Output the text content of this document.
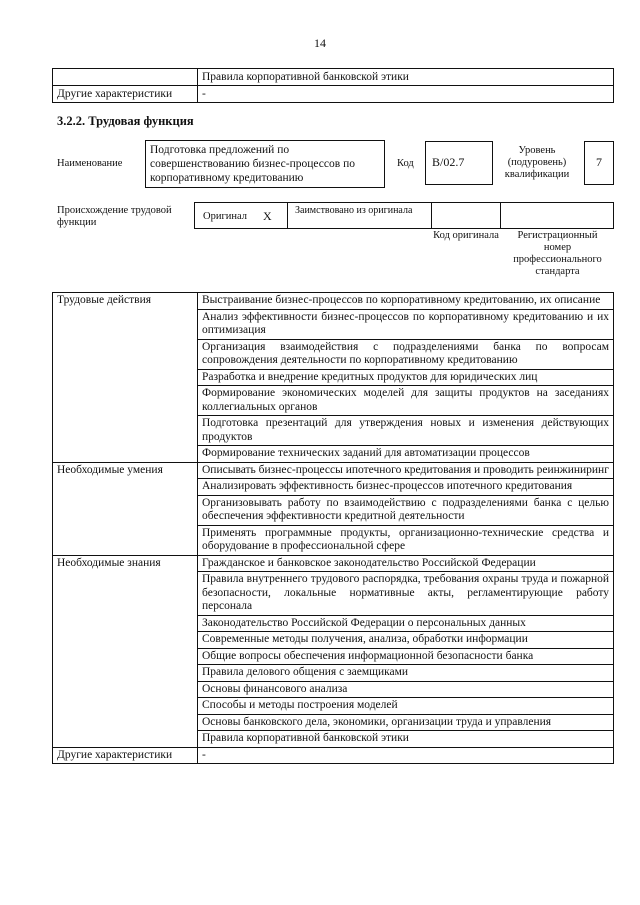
14
	Правила корпоративной банковской этики
Другие характеристики	-
3.2.2. Трудовая функция
Наименование
Подготовка предложений по совершенствованию бизнес-процессов по корпоративному кредитованию
Код	B/02.7
Уровень (подуровень) квалификации
7
Происхождение трудовой функции
Оригинал X Заимствовано из оригинала
Код оригинала	Регистрационный номер профессионального стандарта
Трудовые действия	Выстраивание бизнес-процессов по корпоративному кредитованию, их описание
	Анализ эффективности бизнес-процессов по корпоративному кредитованию и их оптимизация
	Организация взаимодействия с подразделениями банка по вопросам сопровождения деятельности по корпоративному кредитованию
	Разработка и внедрение кредитных продуктов для юридических лиц
	Формирование экономических моделей для защиты продуктов на заседаниях коллегиальных органов
	Подготовка презентаций для утверждения новых и изменения действующих продуктов
	Формирование технических заданий для автоматизации процессов
Необходимые умения	Описывать бизнес-процессы ипотечного кредитования и проводить реинжиниринг
	Анализировать эффективность бизнес-процессов ипотечного кредитования
	Организовывать работу по взаимодействию с подразделениями банка с целью обеспечения эффективности кредитной деятельности
	Применять программные продукты, организационно-технические средства и оборудование в профессиональной сфере
Необходимые знания	Гражданское и банковское законодательство Российской Федерации
	Правила внутреннего трудового распорядка, требования охраны труда и пожарной безопасности, локальные нормативные акты, регламентирующие работу персонала
	Законодательство Российской Федерации о персональных данных
	Современные методы получения, анализа, обработки информации
	Общие вопросы обеспечения информационной безопасности банка
	Правила делового общения с заемщиками
	Основы финансового анализа
	Способы и методы построения моделей
	Основы банковского дела, экономики, организации труда и управления
	Правила корпоративной банковской этики
Другие характеристики	-
